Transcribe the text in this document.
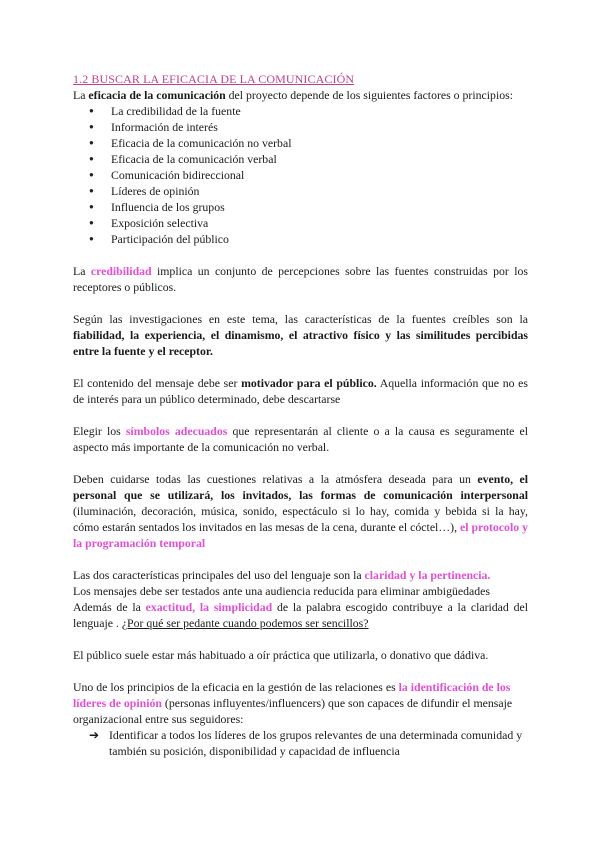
1.2 BUSCAR LA EFICACIA DE LA COMUNICACIÓN

La eficacia de la comunicación del proyecto depende de los siguientes factores o principios:

● La credibilidad de la fuente
● Información de interés
● Eficacia de la comunicación no verbal
● Eficacia de la comunicación verbal
● Comunicación bidireccional
● Líderes de opinión
● Influencia de los grupos
● Exposición selectiva
● Participación del público

La credibilidad implica un conjunto de percepciones sobre las fuentes construidas por los receptores o públicos.

Según las investigaciones en este tema, las características de la fuentes creíbles son la fiabilidad, la experiencia, el dinamismo, el atractivo físico y las similitudes percibidas entre la fuente y el receptor.

El contenido del mensaje debe ser motivador para el público. Aquella información que no es de interés para un público determinado, debe descartarse

Elegir los símbolos adecuados que representarán al cliente o a la causa es seguramente el aspecto más importante de la comunicación no verbal.

Deben cuidarse todas las cuestiones relativas a la atmósfera deseada para un evento, el personal que se utilizará, los invitados, las formas de comunicación interpersonal (iluminación, decoración, música, sonido, espectáculo si lo hay, comida y bebida si la hay, cómo estarán sentados los invitados en las mesas de la cena, durante el cóctel…), el protocolo y la programación temporal

Las dos características principales del uso del lenguaje son la claridad y la pertinencia.

Los mensajes debe ser testados ante una audiencia reducida para eliminar ambigüedades

Además de la exactitud, la simplicidad de la palabra escogido contribuye a la claridad del lenguaje . ¿Por qué ser pedante cuando podemos ser sencillos?

El público suele estar más habituado a oír práctica que utilizarla, o donativo que dádiva.

Uno de los principios de la eficacia en la gestión de las relaciones es la identificación de los líderes de opinión (personas influyentes/influencers) que son capaces de difundir el mensaje organizacional entre sus seguidores:

➔ Identificar a todos los líderes de los grupos relevantes de una determinada comunidad y también su posición, disponibilidad y capacidad de influencia
